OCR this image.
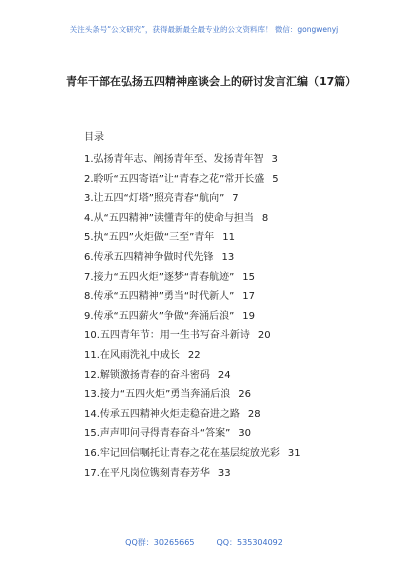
关注头条号“公文研究”，获得最新最全最专业的公文资料库！ 微信：gongwenyj
青年干部在弘扬五四精神座谈会上的研讨发言汇编（17篇）
目录
1.弘扬青年志、阐扬青年至、发扬青年智 3
2.聆听“五四寄语”让“青春之花”常开长盛 5
3.让五四“灯塔”照亮青春“航向” 7
4.从“五四精神”读懂青年的使命与担当 8
5.执“五四”火炬做“三至”青年 11
6.传承五四精神争做时代先锋 13
7.接力“五四火炬”逐梦“青春航迹” 15
8.传承“五四精神”勇当“时代新人” 17
9.传承“五四薪火”争做“奔涌后浪” 19
10.五四青年节：用一生书写奋斗新诗 20
11.在风雨洗礼中成长 22
12.解锁激扬青春的奋斗密码 24
13.接力“五四火炬”勇当奔涌后浪 26
14.传承五四精神火炬走稳奋进之路 28
15.声声叩问寻得青春奋斗“答案” 30
16.牢记回信嘱托让青春之花在基层绽放光彩 31
17.在平凡岗位镌刻青春芳华 33
QQ群：30265665	QQ：535304092
